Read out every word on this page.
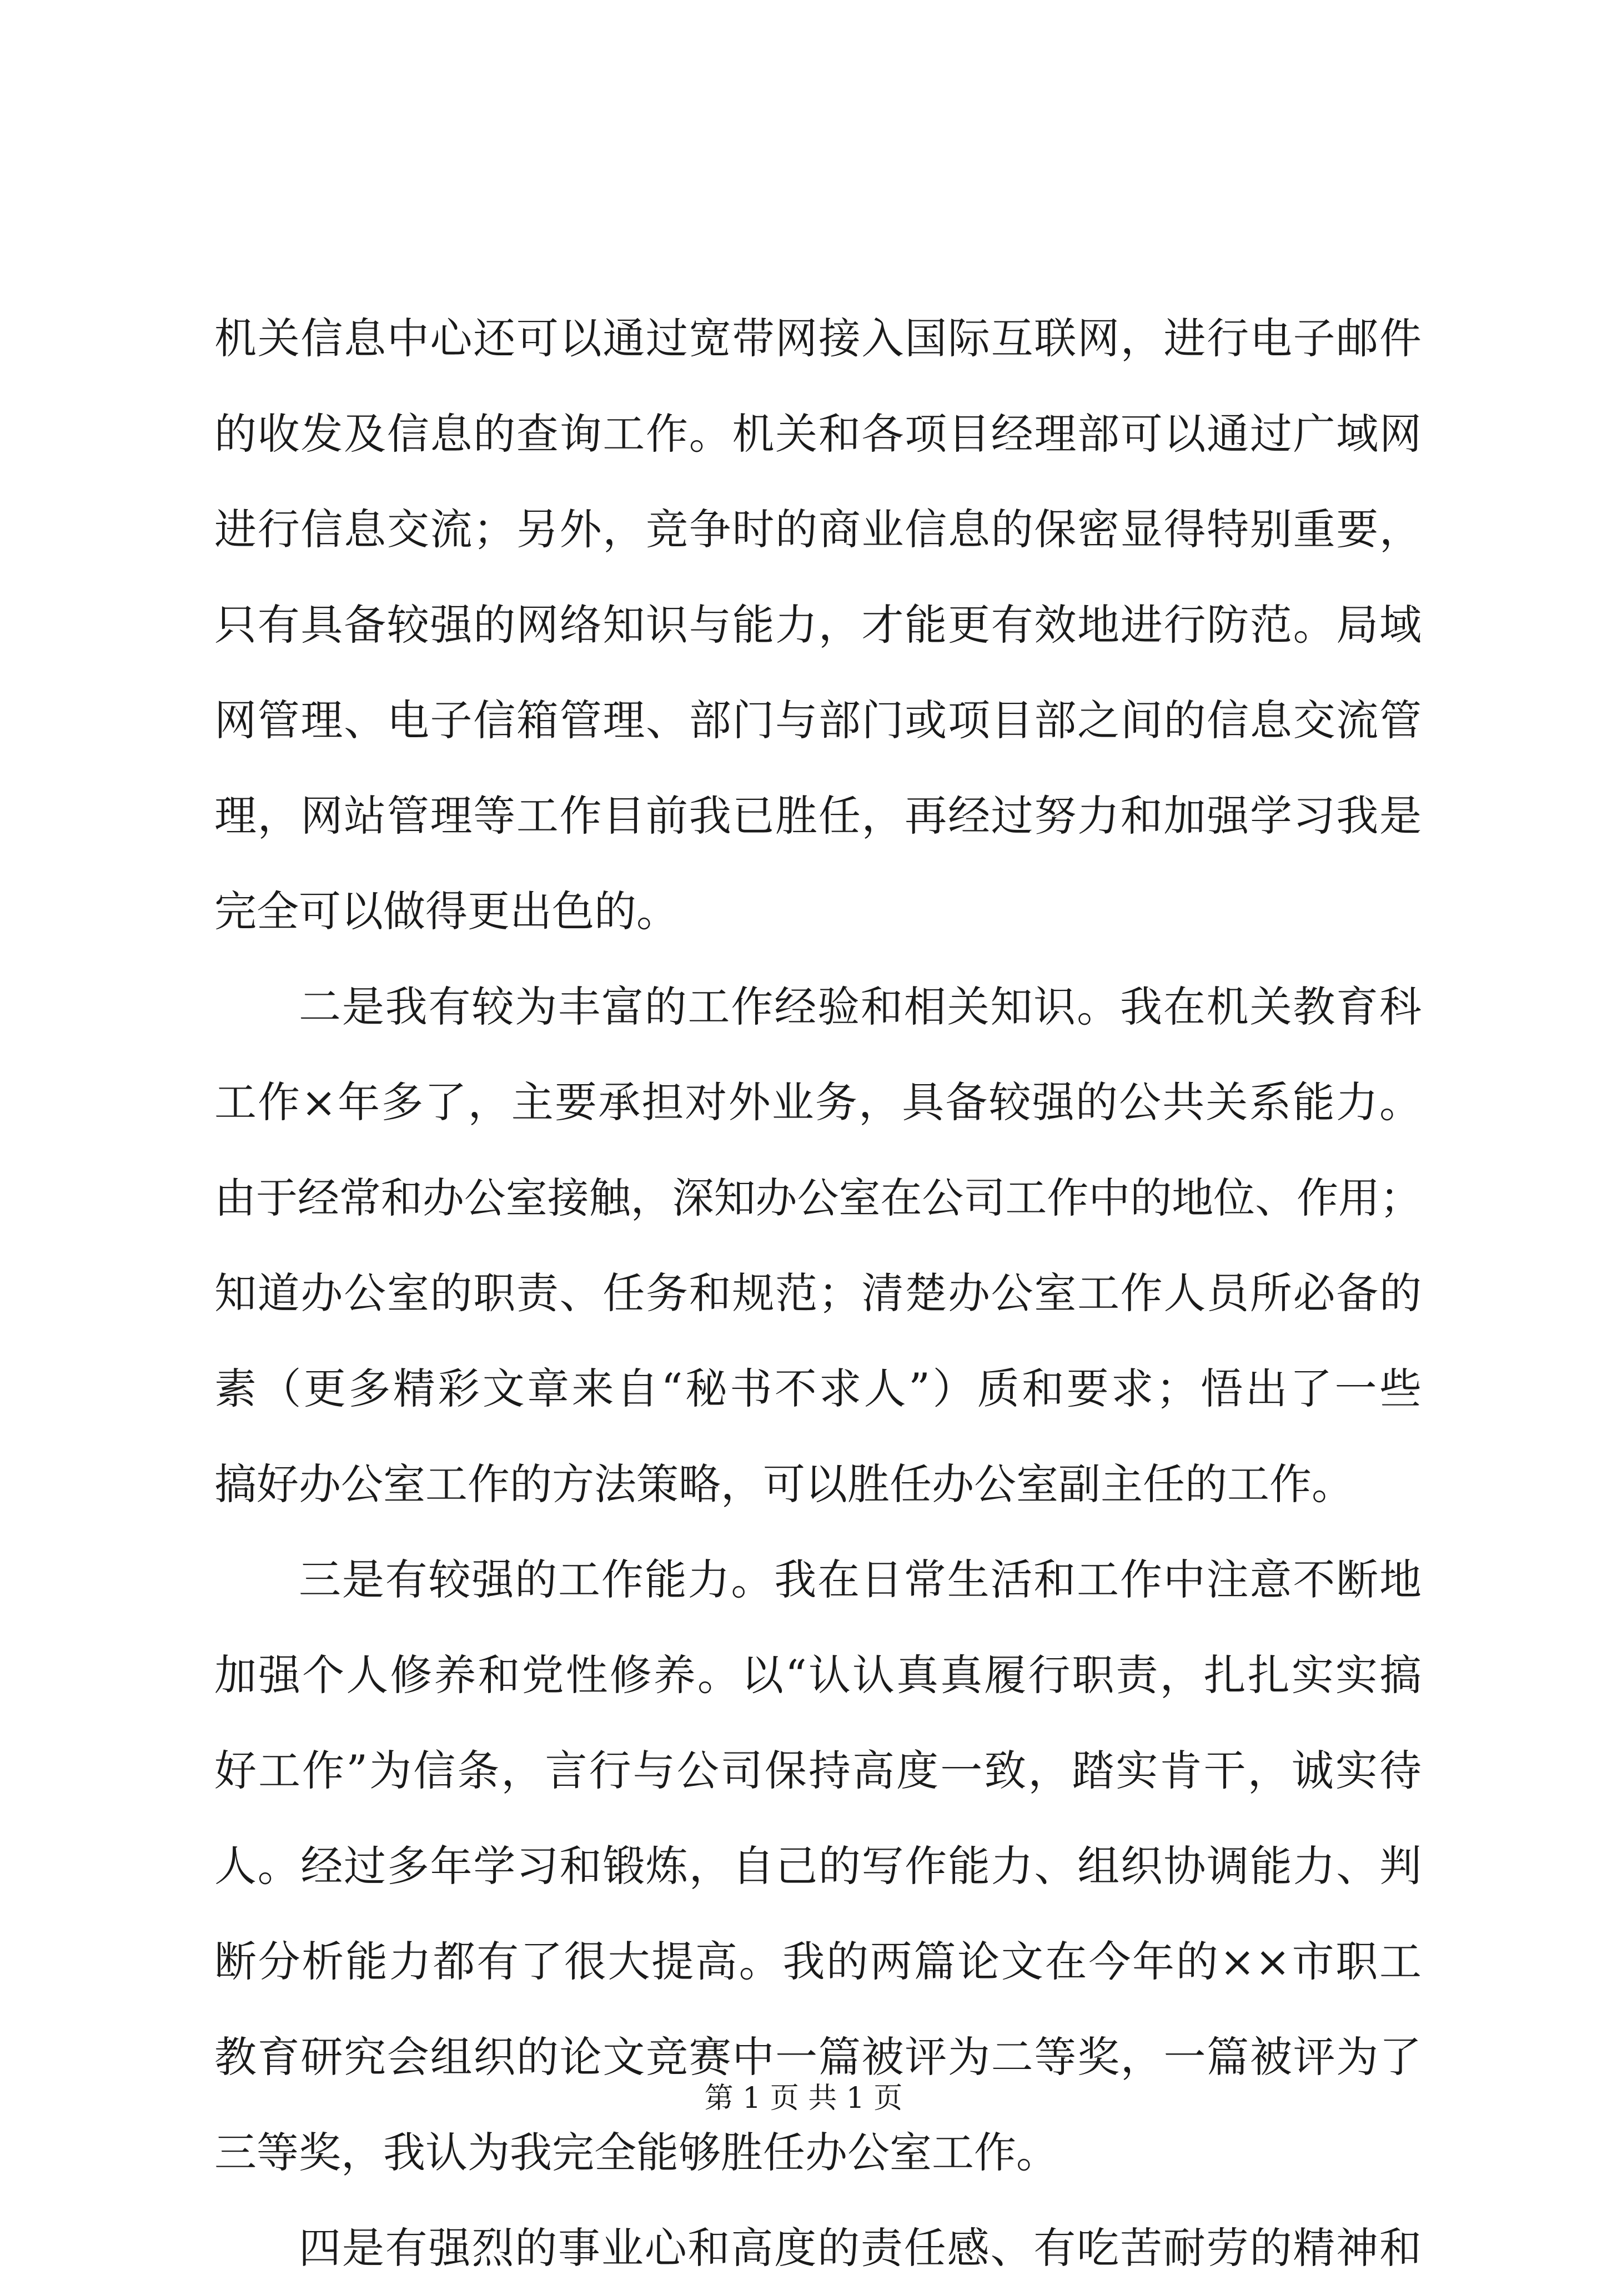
机关信息中心还可以通过宽带网接入国际互联网，进行电子邮件
的收发及信息的查询工作。机关和各项目经理部可以通过广域网
进行信息交流；另外，竞争时的商业信息的保密显得特别重要，
只有具备较强的网络知识与能力，才能更有效地进行防范。局域
网管理、电子信箱管理、部门与部门或项目部之间的信息交流管
理，网站管理等工作目前我已胜任，再经过努力和加强学习我是
完全可以做得更出色的。
二是我有较为丰富的工作经验和相关知识。我在机关教育科
工作×年多了，主要承担对外业务，具备较强的公共关系能力。
由于经常和办公室接触，深知办公室在公司工作中的地位、作用；
知道办公室的职责、任务和规范；清楚办公室工作人员所必备的
素（更多精彩文章来自“秘书不求人”）质和要求；悟出了一些
搞好办公室工作的方法策略，可以胜任办公室副主任的工作。
三是有较强的工作能力。我在日常生活和工作中注意不断地
加强个人修养和党性修养。以“认认真真履行职责，扎扎实实搞
好工作”为信条，言行与公司保持高度一致，踏实肯干，诚实待
人。经过多年学习和锻炼，自己的写作能力、组织协调能力、判
断分析能力都有了很大提高。我的两篇论文在今年的××市职工
教育研究会组织的论文竞赛中一篇被评为二等奖，一篇被评为了
三等奖，我认为我完全能够胜任办公室工作。
四是有强烈的事业心和高度的责任感、有吃苦耐劳的精神和
第 1 页 共 1 页
